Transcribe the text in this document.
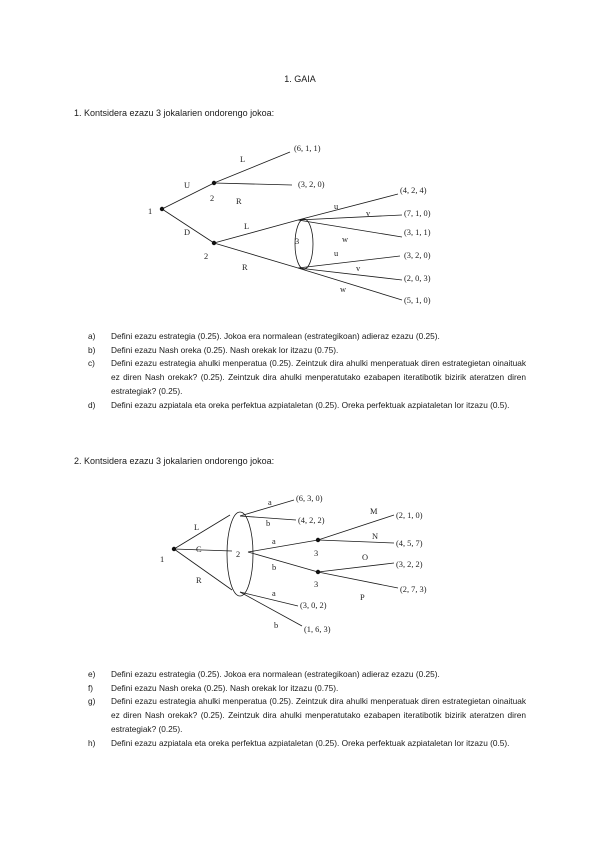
1. GAIA
1. Kontsidera ezazu 3 jokalarien ondorengo jokoa:
1
2
2
3
U
D
L
R
L
R
u
v
w
u
v
w
(6, 1, 1)
(3, 2, 0)
(4, 2, 4)
(7, 1, 0)
(3, 1, 1)
(3, 2, 0)
(2, 0, 3)
(5, 1, 0)
1
2	3
3
L
C
R
a
b
a
b
a
b
M
N
O
P
(6, 3, 0)
(4, 2, 2)
(2, 1, 0)
(4, 5, 7)
(3, 2, 2)
(2, 7, 3)
(3, 0, 2)
(1, 6, 3)
a) Defini ezazu estrategia (0.25). Jokoa era normalean (estrategikoan) adieraz ezazu (0.25).
b) Defini ezazu Nash oreka (0.25). Nash orekak lor itzazu (0.75).
c) Defini ezazu estrategia ahulki menperatua (0.25). Zeintzuk dira ahulki menperatuak diren estrategietan oinaituak ez diren Nash orekak? (0.25). Zeintzuk dira ahulki menperatutako ezabapen iteratibotik bizirik ateratzen diren estrategiak? (0.25).
d) Defini ezazu azpiatala eta oreka perfektua azpiataletan (0.25). Oreka perfektuak azpiataletan lor itzazu (0.5).
2. Kontsidera ezazu 3 jokalarien ondorengo jokoa:
e) Defini ezazu estrategia (0.25). Jokoa era normalean (estrategikoan) adieraz ezazu (0.25).
f) Defini ezazu Nash oreka (0.25). Nash orekak lor itzazu (0.75).
g) Defini ezazu estrategia ahulki menperatua (0.25). Zeintzuk dira ahulki menperatuak diren estrategietan oinaituak ez diren Nash orekak? (0.25). Zeintzuk dira ahulki menperatutako ezabapen iteratibotik bizirik ateratzen diren estrategiak? (0.25).
h) Defini ezazu azpiatala eta oreka perfektua azpiataletan (0.25). Oreka perfektuak azpiataletan lor itzazu (0.5).
